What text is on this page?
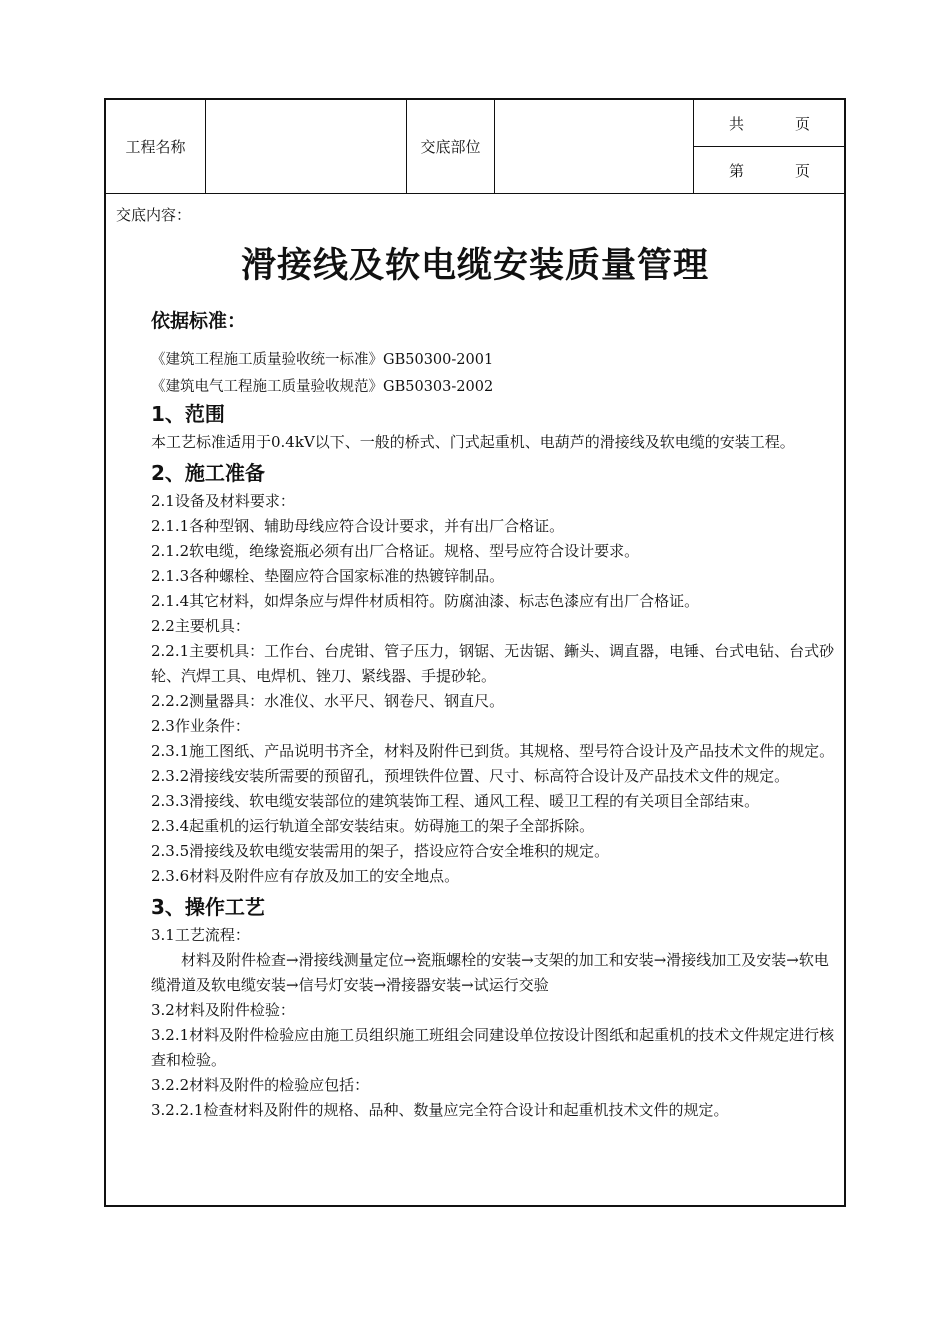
工程名称	交底部位
共	页
第	页
交底内容：
滑接线及软电缆安装质量管理
依据标准：
《建筑工程施工质量验收统一标准》GB50300-2001
《建筑电气工程施工质量验收规范》GB50303-2002

1、范围

本工艺标准适用于0.4kV以下、一般的桥式、门式起重机、电葫芦的滑接线及软电缆的安装工程。

2、施工准备

2.1设备及材料要求：

2.1.1各种型钢、辅助母线应符合设计要求，并有出厂合格证。

2.1.2软电缆，绝缘瓷瓶必须有出厂合格证。规格、型号应符合设计要求。

2.1.3各种螺栓、垫圈应符合国家标准的热镀锌制品。

2.1.4其它材料，如焊条应与焊件材质相符。防腐油漆、标志色漆应有出厂合格证。

2.2主要机具：

2.2.1主要机具：工作台、台虎钳、管子压力，钢锯、无齿锯、鏩头、调直器，电锤、台式电钻、台式砂轮、汽焊工具、电焊机、锉刀、紧线器、手提砂轮。

2.2.2测量器具：水准仪、水平尺、钢卷尺、钢直尺。

2.3作业条件：

2.3.1施工图纸、产品说明书齐全，材料及附件已到货。其规格、型号符合设计及产品技术文件的规定。

2.3.2滑接线安装所需要的预留孔，预埋铁件位置、尺寸、标高符合设计及产品技术文件的规定。

2.3.3滑接线、软电缆安装部位的建筑装饰工程、通风工程、暖卫工程的有关项目全部结束。

2.3.4起重机的运行轨道全部安装结束。妨碍施工的架子全部拆除。

2.3.5滑接线及软电缆安装需用的架子，搭设应符合安全堆积的规定。

2.3.6材料及附件应有存放及加工的安全地点。

3、操作工艺

3.1工艺流程：

材料及附件检查→滑接线测量定位→瓷瓶螺栓的安装→支架的加工和安装→滑接线加工及安装→软电缆滑道及软电缆安装→信号灯安装→滑接器安装→试运行交验

3.2材料及附件检验：

3.2.1材料及附件检验应由施工员组织施工班组会同建设单位按设计图纸和起重机的技术文件规定进行核查和检验。

3.2.2材料及附件的检验应包括：

3.2.2.1检查材料及附件的规格、品种、数量应完全符合设计和起重机技术文件的规定。
